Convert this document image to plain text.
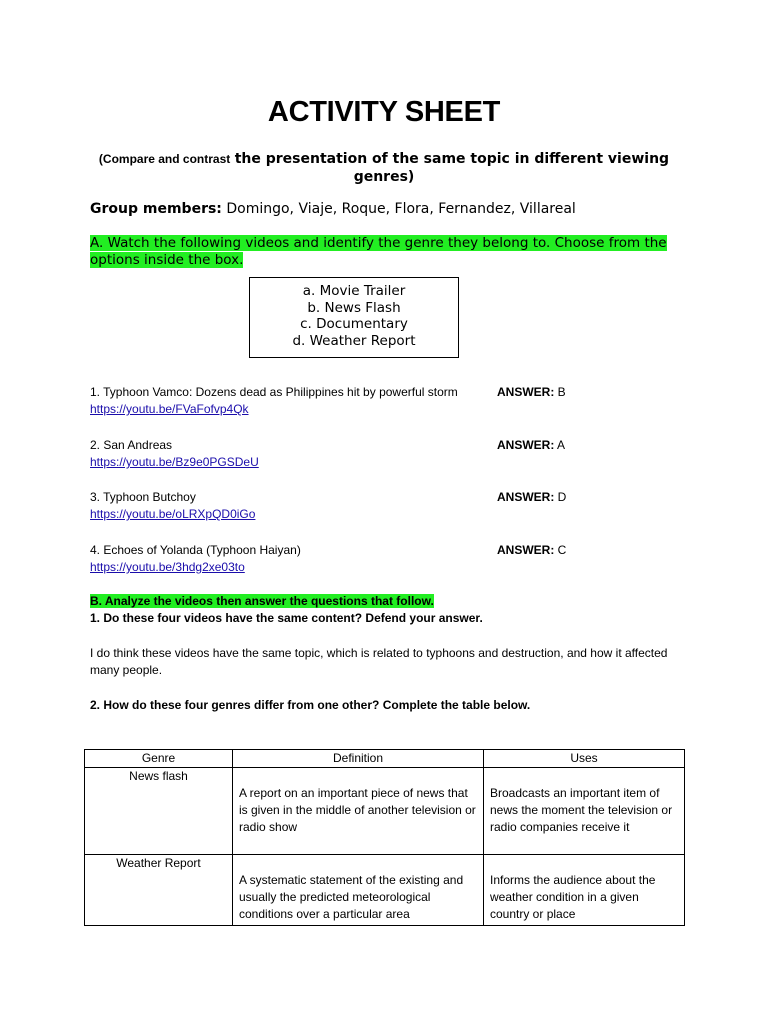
ACTIVITY SHEET
(Compare and contrast the presentation of the same topic in different viewing genres)
Group members: Domingo, Viaje, Roque, Flora, Fernandez, Villareal
A. Watch the following videos and identify the genre they belong to. Choose from the options inside the box.
a. Movie Trailer
b. News Flash
c. Documentary
d. Weather Report
1. Typhoon Vamco: Dozens dead as Philippines hit by powerful storm
https://youtu.be/FVaFofvp4Qk
ANSWER: B
2. San Andreas
https://youtu.be/Bz9e0PGSDeU
ANSWER: A
3. Typhoon Butchoy
https://youtu.be/oLRXpQD0iGo
ANSWER: D
4. Echoes of Yolanda (Typhoon Haiyan)
https://youtu.be/3hdg2xe03to
ANSWER: C
B. Analyze the videos then answer the questions that follow.
1. Do these four videos have the same content? Defend your answer.
I do think these videos have the same topic, which is related to typhoons and destruction, and how it affected many people.
2. How do these four genres differ from one other? Complete the table below.
Genre	Definition	Uses
News flash	A report on an important piece of news that is given in the middle of another television or radio show	Broadcasts an important item of news the moment the television or radio companies receive it
Weather Report	A systematic statement of the existing and usually the predicted meteorological conditions over a particular area	Informs the audience about the weather condition in a given country or place
